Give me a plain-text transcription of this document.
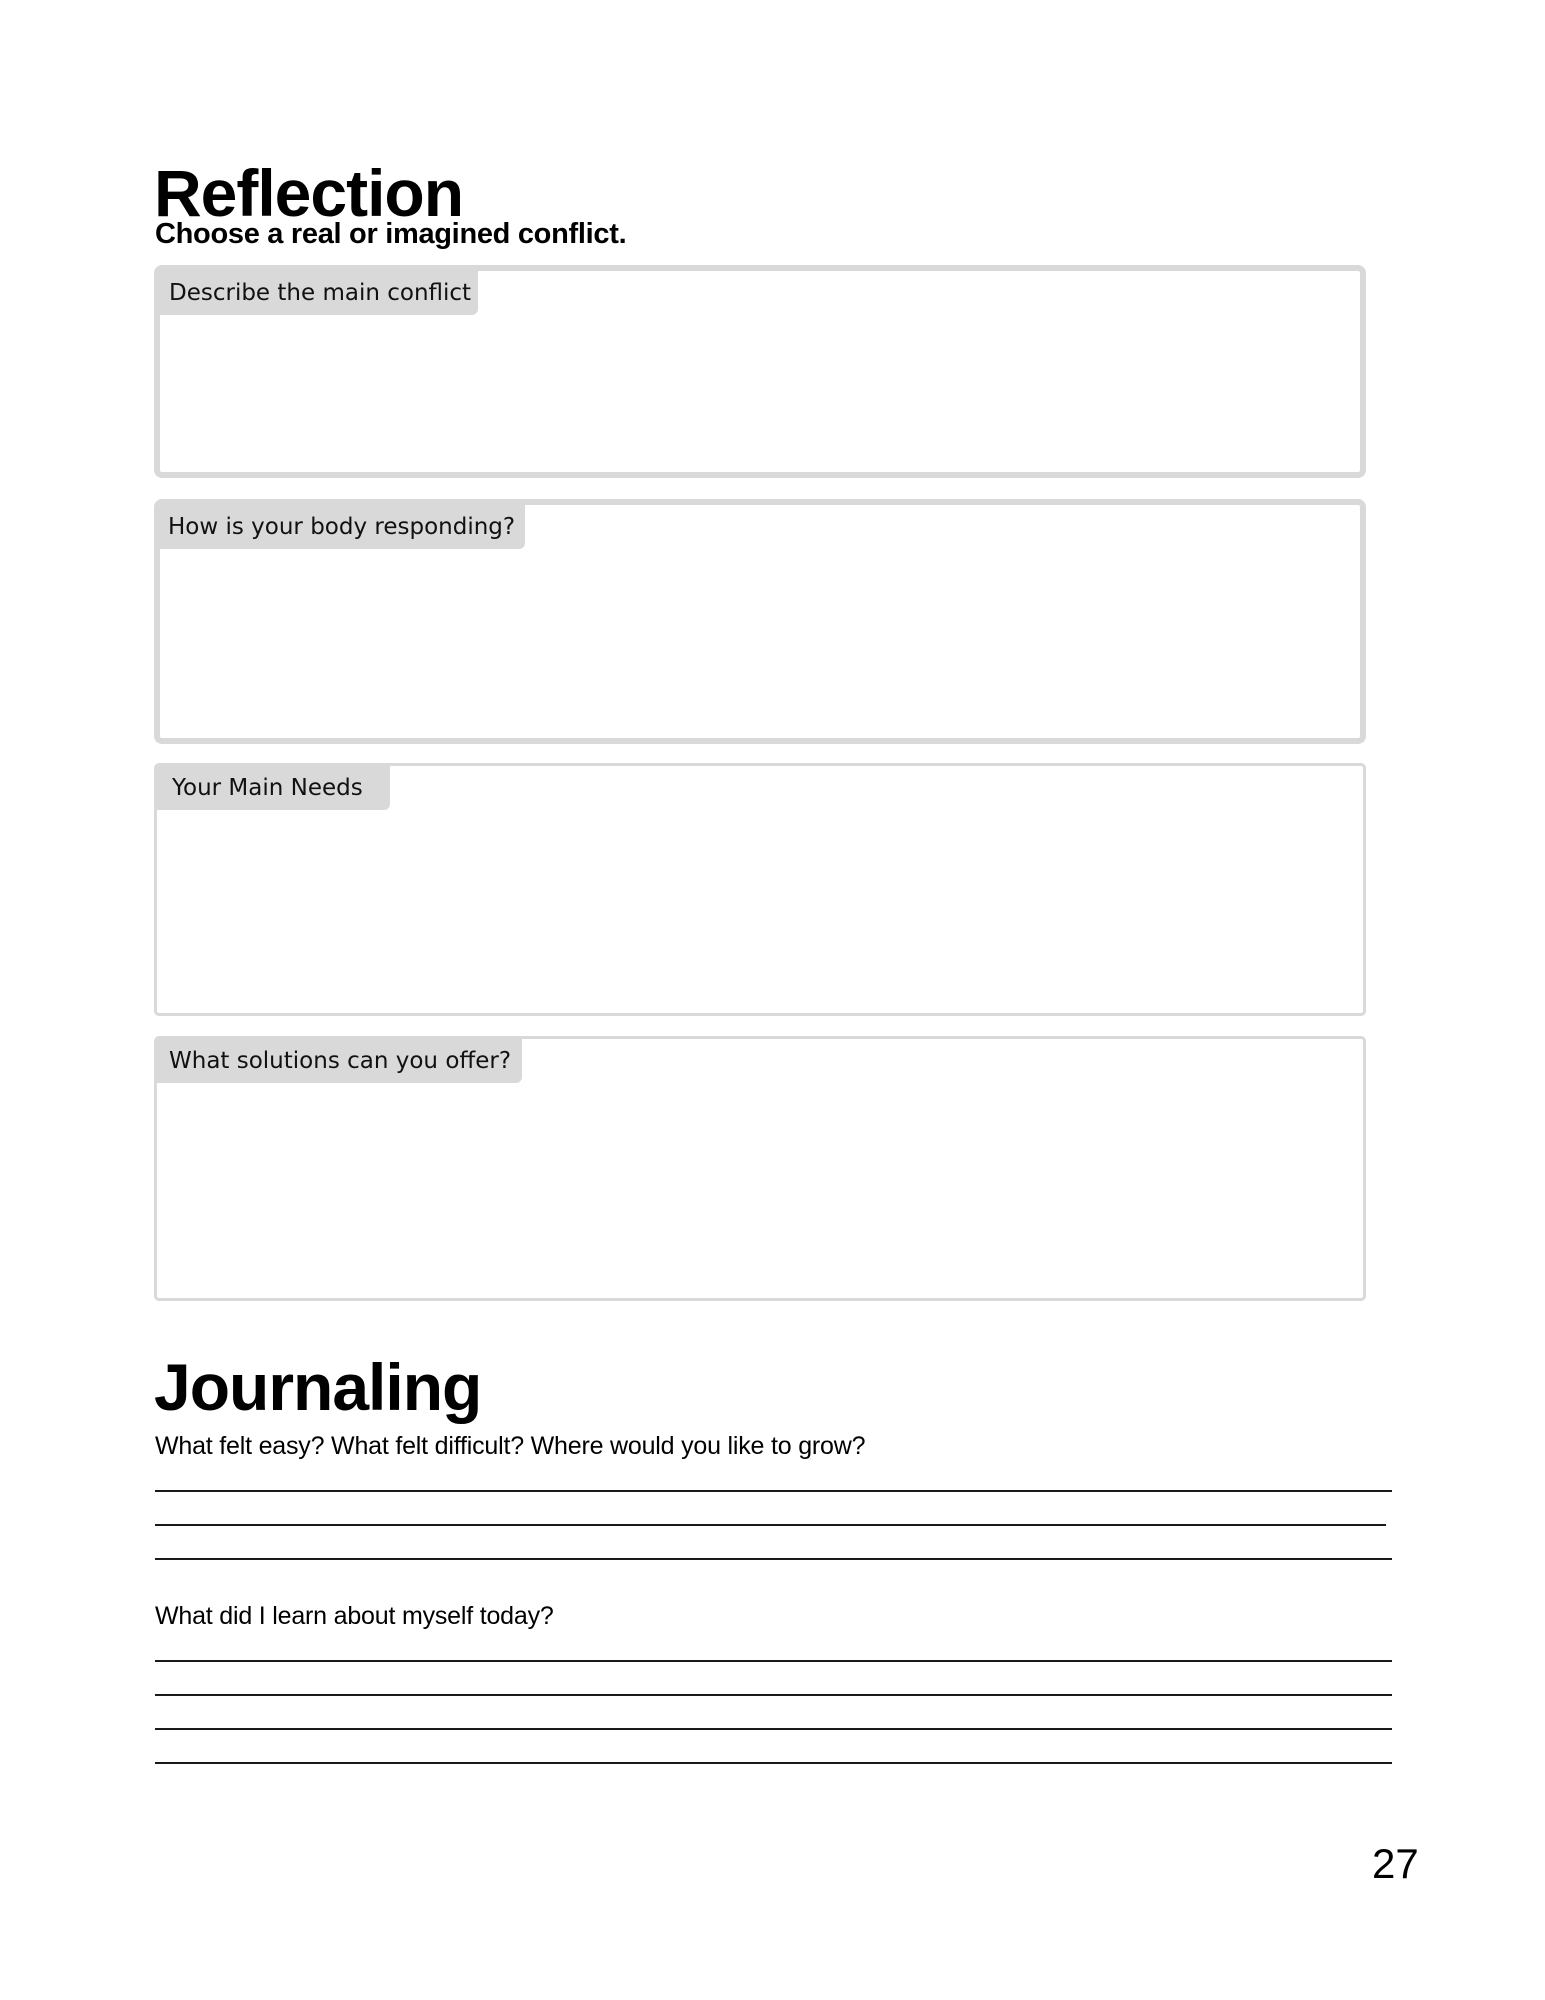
Reflection
Choose a real or imagined conflict.
Describe the main conflict
How is your body responding?
Your Main Needs
What solutions can you offer?
Journaling
What felt easy? What felt difficult? Where would you like to grow?
What did I learn about myself today?
27
